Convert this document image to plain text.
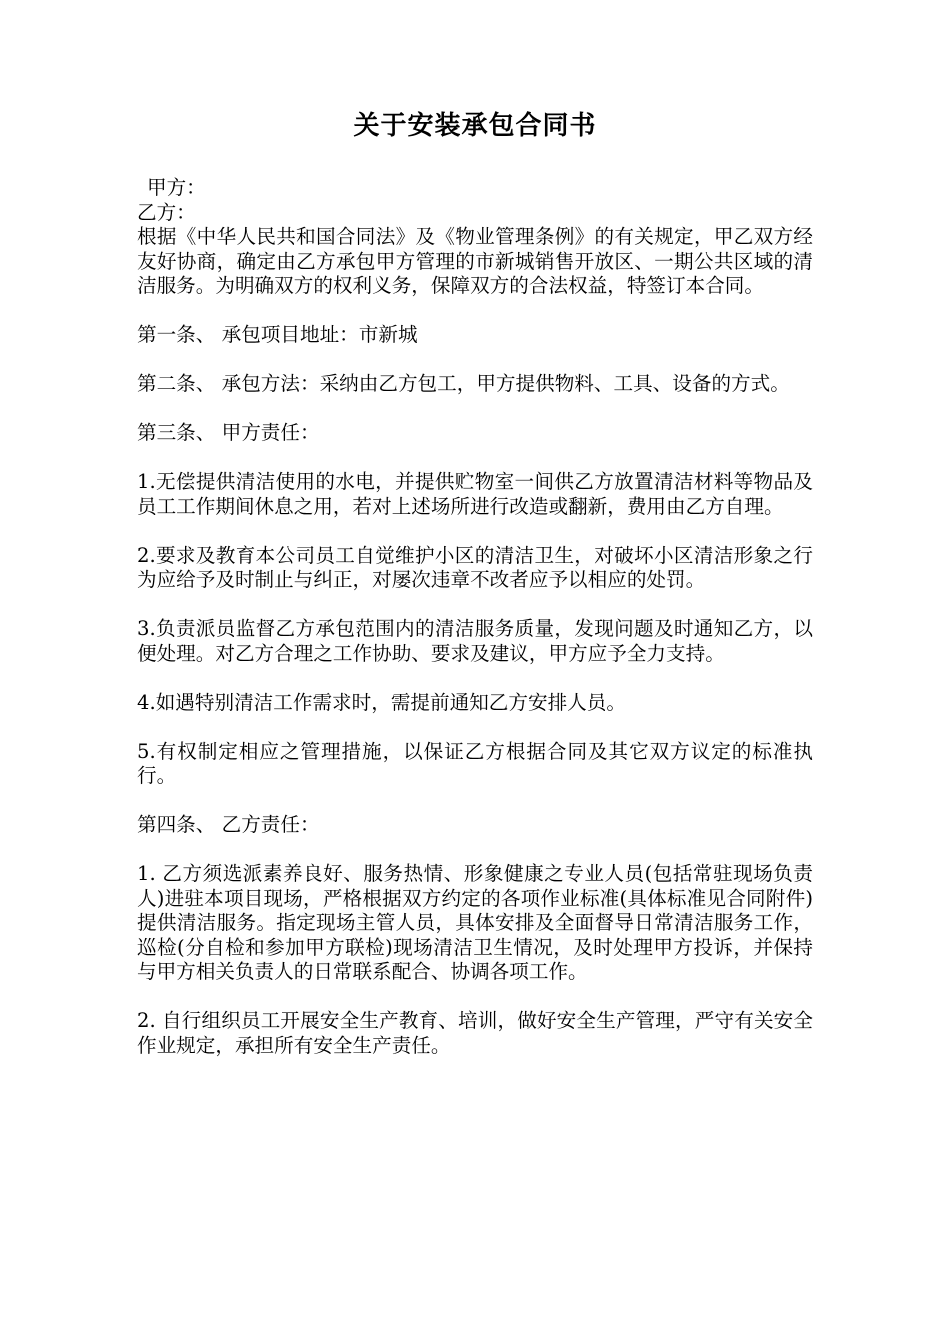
关于安装承包合同书

甲方：

乙方：

根据《中华人民共和国合同法》及《物业管理条例》的有关规定，甲乙双方经友好协商，确定由乙方承包甲方管理的市新城销售开放区、一期公共区域的清洁服务。为明确双方的权利义务，保障双方的合法权益，特签订本合同。

第一条、 承包项目地址：市新城

第二条、 承包方法：采纳由乙方包工，甲方提供物料、工具、设备的方式。

第三条、 甲方责任：

1.无偿提供清洁使用的水电，并提供贮物室一间供乙方放置清洁材料等物品及员工工作期间休息之用，若对上述场所进行改造或翻新，费用由乙方自理。

2.要求及教育本公司员工自觉维护小区的清洁卫生，对破坏小区清洁形象之行为应给予及时制止与纠正，对屡次违章不改者应予以相应的处罚。

3.负责派员监督乙方承包范围内的清洁服务质量，发现问题及时通知乙方，以便处理。对乙方合理之工作协助、要求及建议，甲方应予全力支持。

4.如遇特别清洁工作需求时，需提前通知乙方安排人员。

5.有权制定相应之管理措施，以保证乙方根据合同及其它双方议定的标准执行。

第四条、 乙方责任：

1. 乙方须选派素养良好、服务热情、形象健康之专业人员(包括常驻现场负责人)进驻本项目现场，严格根据双方约定的各项作业标准(具体标准见合同附件)提供清洁服务。指定现场主管人员，具体安排及全面督导日常清洁服务工作，巡检(分自检和参加甲方联检)现场清洁卫生情况，及时处理甲方投诉，并保持与甲方相关负责人的日常联系配合、协调各项工作。

2. 自行组织员工开展安全生产教育、培训，做好安全生产管理，严守有关安全作业规定，承担所有安全生产责任。
